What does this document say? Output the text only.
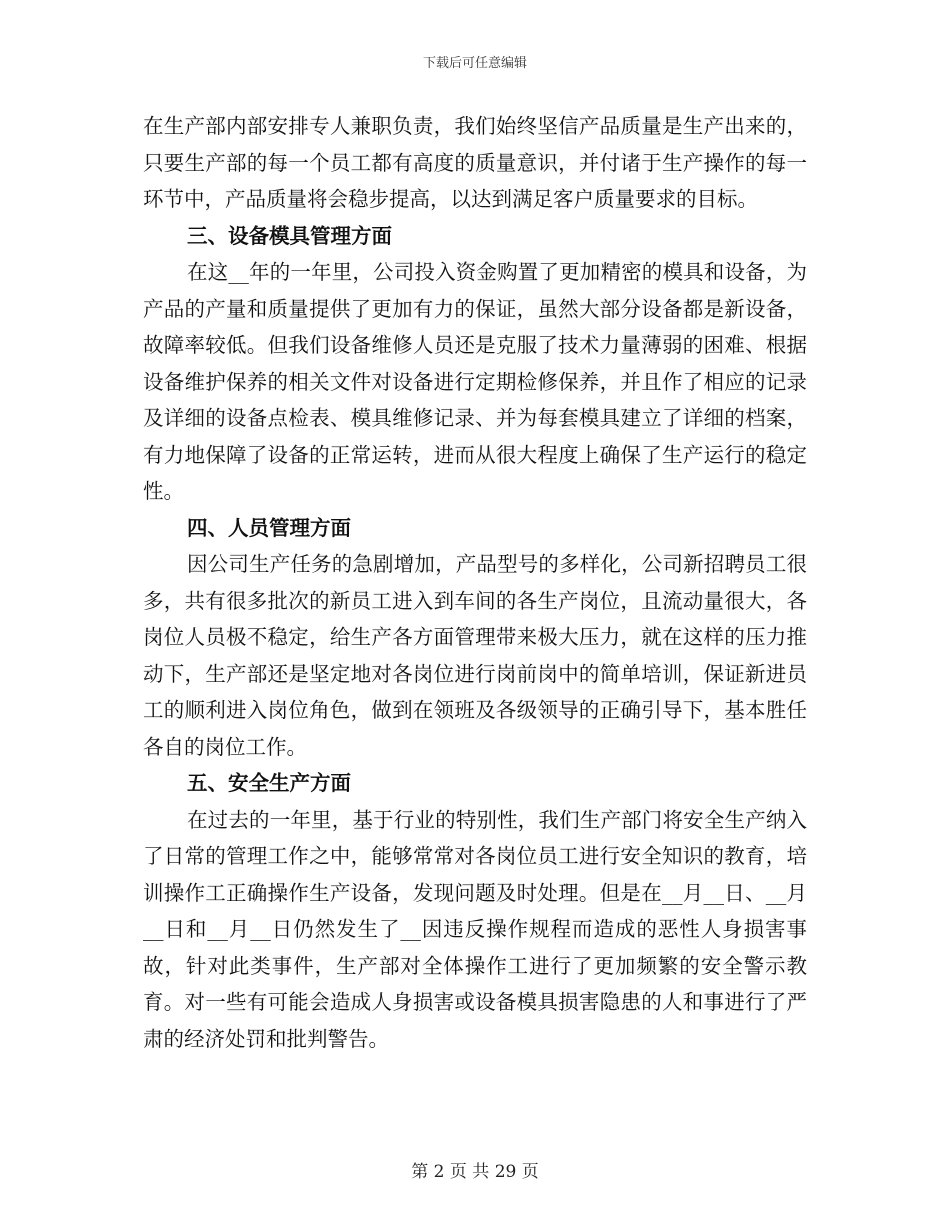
下载后可任意编辑

在生产部内部安排专人兼职负责，我们始终坚信产品质量是生产出来的，只要生产部的每一个员工都有高度的质量意识，并付诸于生产操作的每一环节中，产品质量将会稳步提高，以达到满足客户质量要求的目标。

三、设备模具管理方面

在这__年的一年里，公司投入资金购置了更加精密的模具和设备，为产品的产量和质量提供了更加有力的保证，虽然大部分设备都是新设备，故障率较低。但我们设备维修人员还是克服了技术力量薄弱的困难、根据设备维护保养的相关文件对设备进行定期检修保养，并且作了相应的记录及详细的设备点检表、模具维修记录、并为每套模具建立了详细的档案，有力地保障了设备的正常运转，进而从很大程度上确保了生产运行的稳定性。

四、人员管理方面

因公司生产任务的急剧增加，产品型号的多样化，公司新招聘员工很多，共有很多批次的新员工进入到车间的各生产岗位，且流动量很大，各岗位人员极不稳定，给生产各方面管理带来极大压力，就在这样的压力推动下，生产部还是坚定地对各岗位进行岗前岗中的简单培训，保证新进员工的顺利进入岗位角色，做到在领班及各级领导的正确引导下，基本胜任各自的岗位工作。

五、安全生产方面

在过去的一年里，基于行业的特别性，我们生产部门将安全生产纳入了日常的管理工作之中，能够常常对各岗位员工进行安全知识的教育，培训操作工正确操作生产设备，发现问题及时处理。但是在__月__日、__月__日和__月__日仍然发生了__因违反操作规程而造成的恶性人身损害事故，针对此类事件，生产部对全体操作工进行了更加频繁的安全警示教育。对一些有可能会造成人身损害或设备模具损害隐患的人和事进行了严肃的经济处罚和批判警告。

第 2 页 共 29 页
